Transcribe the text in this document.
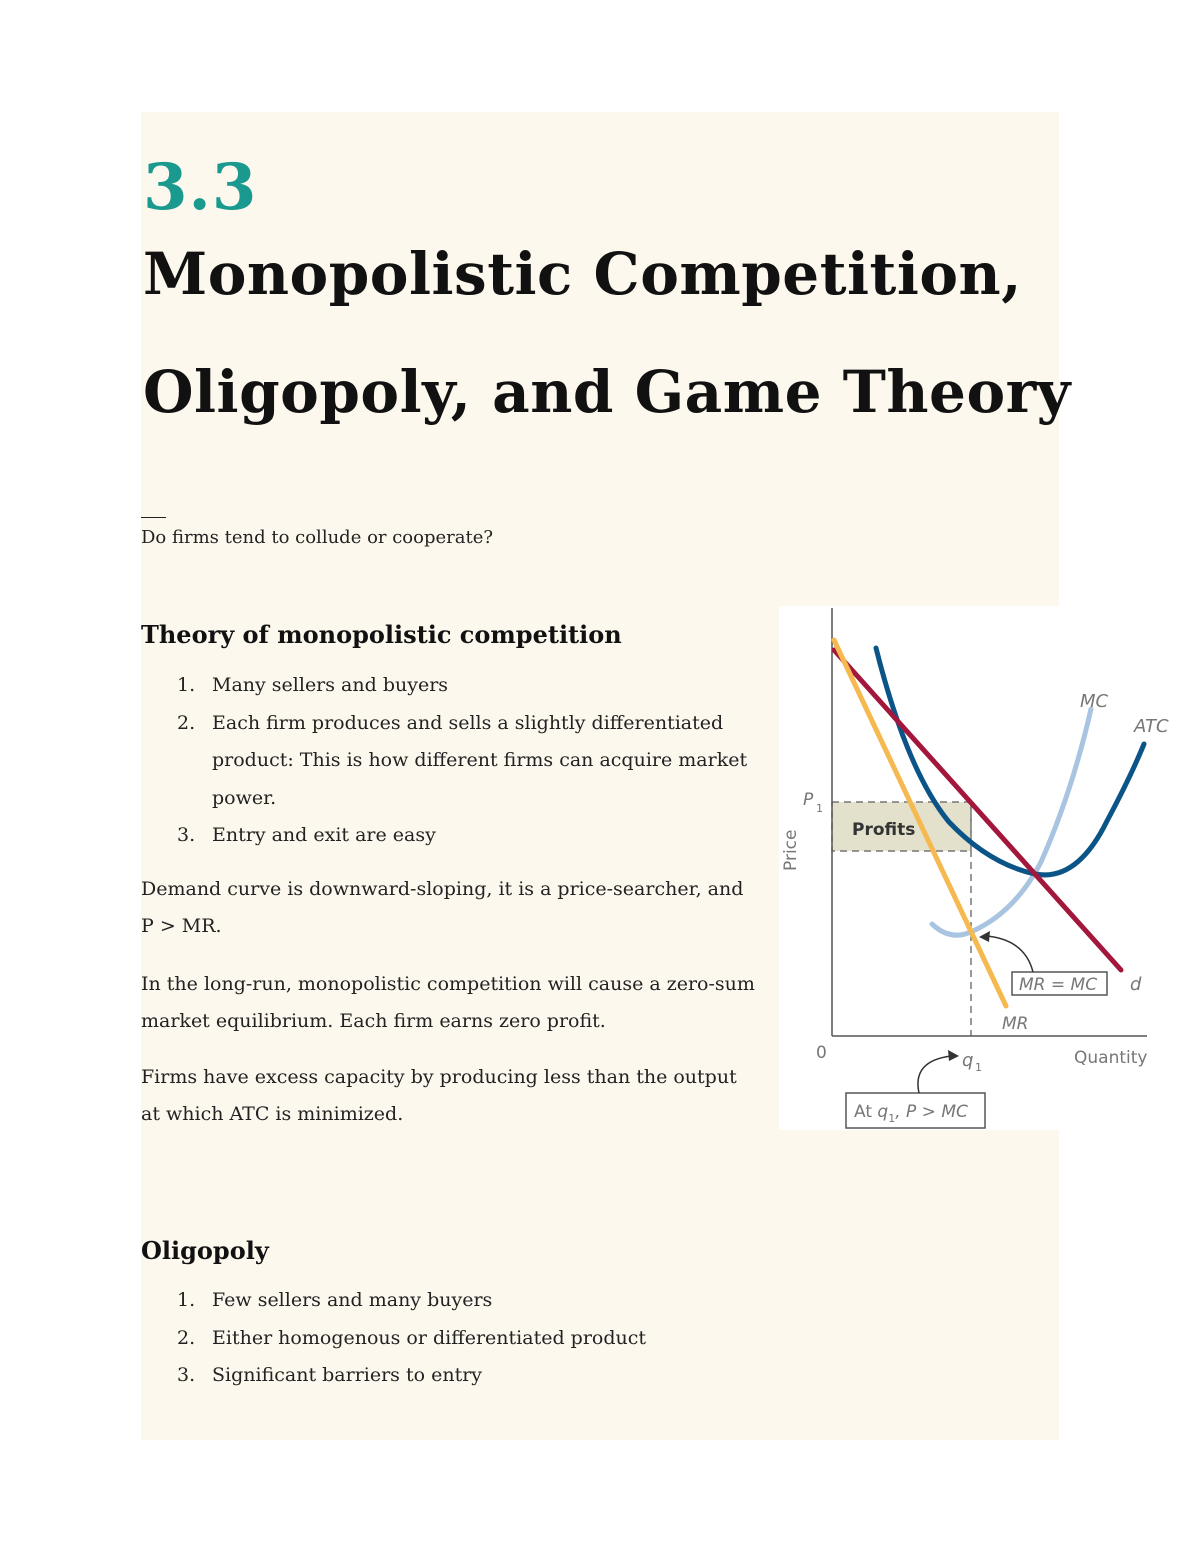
3.3
Monopolistic Competition,
Oligopoly, and Game Theory
Do firms tend to collude or cooperate?
Theory of monopolistic competition
1. Many sellers and buyers
2. Each firm produces and sells a slightly differentiated product: This is how different firms can acquire market power.
3. Entry and exit are easy
Demand curve is downward-sloping, it is a price-searcher, and P > MR.
In the long-run, monopolistic competition will cause a zero-sum market equilibrium. Each firm earns zero profit.
Firms have excess capacity by producing less than the output at which ATC is minimized.
Profits
MC
ATC
MR
d
Price
P 1
0	Quantity
q 1
MR = MC
At $q_1$, P > MC
Oligopoly
1. Few sellers and many buyers
2. Either homogenous or differentiated product
3. Significant barriers to entry
